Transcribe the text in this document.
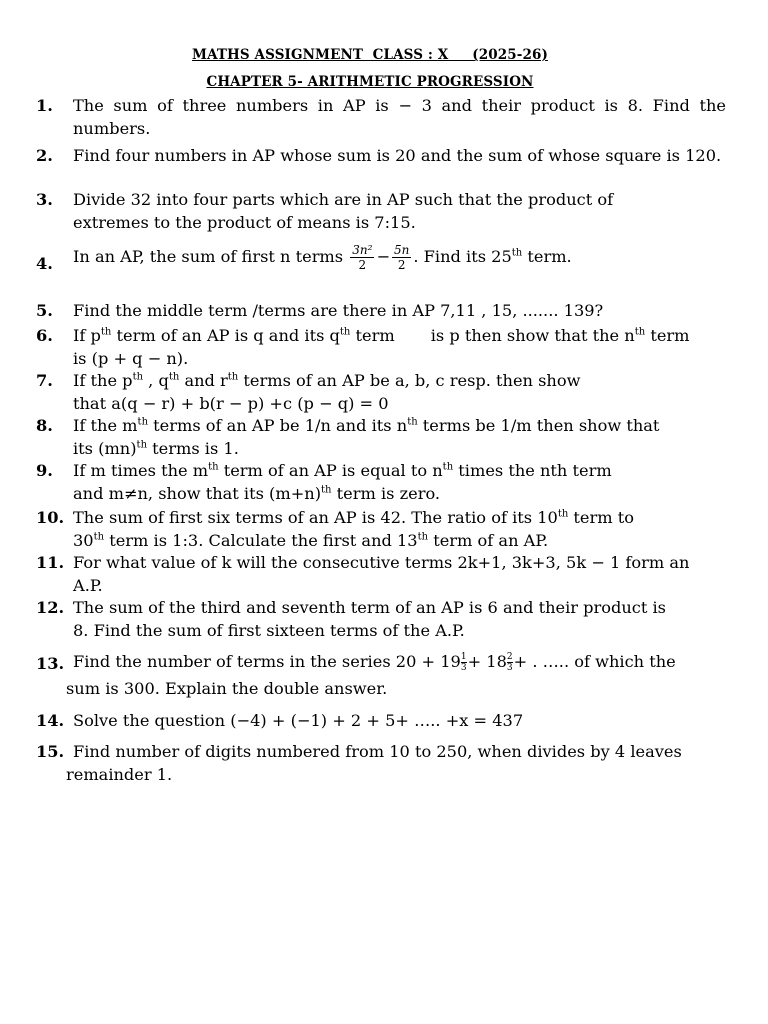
MATHS ASSIGNMENT  CLASS : X     (2025-26)
CHAPTER 5- ARITHMETIC PROGRESSION
1. The sum of three numbers in AP is − 3 and their product is 8. Find the numbers.
2. Find four numbers in AP whose sum is 20 and the sum of whose square is 120.
3. Divide 32 into four parts which are in AP such that the product of extremes to the product of means is 7:15.
4. In an AP, the sum of first n terms $\frac{\text{3n²}}{2} - \frac{5n}{2}$ . Find its 25th term.
5. Find the middle term /terms are there in AP 7,11 , 15, ....... 139?
6. If $p^{th}$ term of an AP is q and its $q^{th}$ term       is p then show that the $n^{th}$ term
is (p + q − n).
7. If the $p^{th}$ , $q^{th}$ and $r^{th}$ terms of an AP be a, b, c resp. then show
that a(q − r) + b(r − p) +c (p − q) = 0
8. If the $m^{th}$ terms of an AP be 1/n and its $n^{th}$ terms be 1/m then show that
its (mn)$^{th}$ terms is 1.
9. If m times the $m^{th}$ term of an AP is equal to $n^{th}$ times the nth term
and m≠n, show that its $(m+n)^{th}$ term is zero.
10. The sum of first six terms of an AP is 42. The ratio of its 10th term to
30th term is 1:3. Calculate the first and 13th term of an AP.
11. For what value of k will the consecutive terms 2k+1, 3k+3, 5k − 1 form an A.P.
12. The sum of the third and seventh term of an AP is 6 and their product is
8. Find the sum of first sixteen terms of the A.P.
13. Find the number of terms in the series $20 + 19 \frac{1}{3} + 18 \frac{2}{3}$ + . ….. of which the
sum is 300. Explain the double answer.
14. Solve the question (−4) + (−1) + 2 + 5+ ….. +x = 437
15. Find number of digits numbered from 10 to 250, when divides by 4 leaves
remainder 1.
